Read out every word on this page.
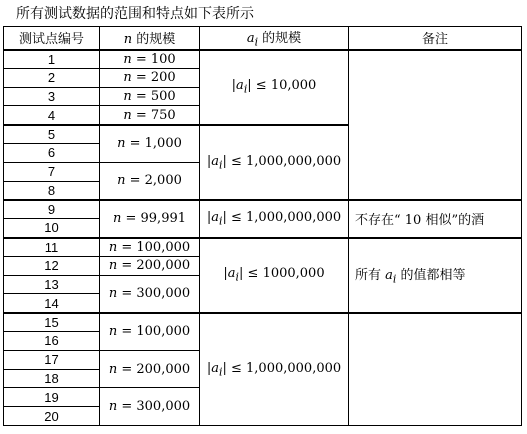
所有测试数据的范围和特点如下表所示
测试点编号	n 的规模	$a_i$ 的规模	备注
1	n = 100	$|a_i| \le 10,000$	
2	n = 200		
3	n = 500		
4	n = 750		
5	n = 1,000	$|a_i| \le 1,000,000,000$	
6			
7	n = 2,000		
8			
9	n = 99,991	$|a_i| \le 1,000,000,000$	不存在“ 10 相似”的酒
10			
11	n = 100,000	$|a_i| \le 1000,000$	所有 $a_i$ 的值都相等
12	n = 200,000		
13	n = 300,000		
14			
15	n = 100,000	$|a_i| \le 1,000,000,000$	
16			
17	n = 200,000		
18			
19	n = 300,000		
20			
